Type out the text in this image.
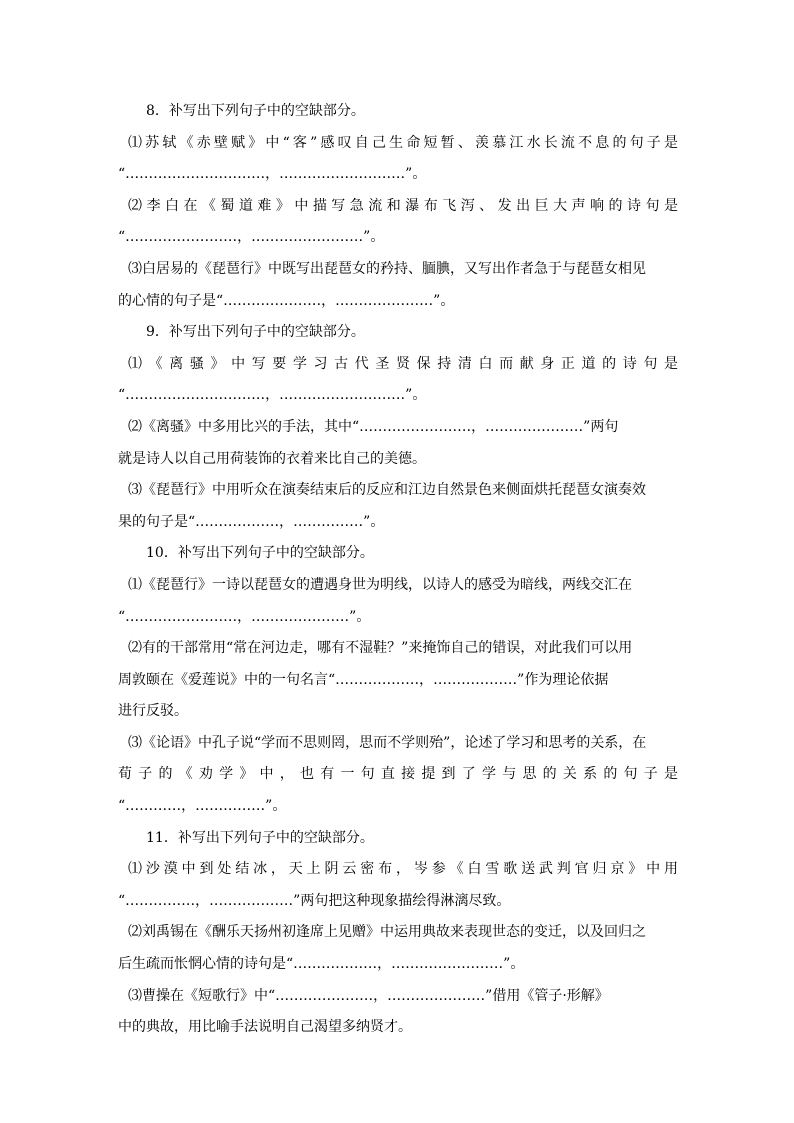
8．补写出下列句子中的空缺部分。
⑴苏轼《赤壁赋》中“客”感叹自己生命短暂、羡慕江水长流不息的句子是
“…………………………，………………………”。
⑵李白在《蜀道难》中描写急流和瀑布飞泻、发出巨大声响的诗句是
“……………………，……………………”。
⑶白居易的《琵琶行》中既写出琵琶女的矜持、腼腆，又写出作者急于与琵琶女相见
的心情的句子是“…………………，…………………”。
9．补写出下列句子中的空缺部分。
⑴《离骚》中写要学习古代圣贤保持清白而献身正道的诗句是
“…………………………，………………………”。
⑵《离骚》中多用比兴的手法，其中“……………………，…………………”两句
就是诗人以自己用荷装饰的衣着来比自己的美德。
⑶《琵琶行》中用听众在演奏结束后的反应和江边自然景色来侧面烘托琵琶女演奏效
果的句子是“………………，……………”。
10．补写出下列句子中的空缺部分。
⑴《琵琶行》一诗以琵琶女的遭遇身世为明线，以诗人的感受为暗线，两线交汇在
“……………………，…………………”。
⑵有的干部常用“常在河边走，哪有不湿鞋？”来掩饰自己的错误，对此我们可以用
周敦颐在《爱莲说》中的一句名言“………………，………………”作为理论依据
进行反驳。
⑶《论语》中孔子说“学而不思则罔，思而不学则殆”，论述了学习和思考的关系，在
荀子的《劝学》中，也有一句直接提到了学与思的关系的句子是
“…………，……………”。
11．补写出下列句子中的空缺部分。
⑴沙漠中到处结冰，天上阴云密布，岑参《白雪歌送武判官归京》中用
“……………，………………”两句把这种现象描绘得淋漓尽致。
⑵刘禹锡在《酬乐天扬州初逢席上见赠》中运用典故来表现世态的变迁，以及回归之
后生疏而怅惘心情的诗句是“………………，……………………”。
⑶曹操在《短歌行》中“…………………，…………………”借用《管子·形解》
中的典故，用比喻手法说明自己渴望多纳贤才。
